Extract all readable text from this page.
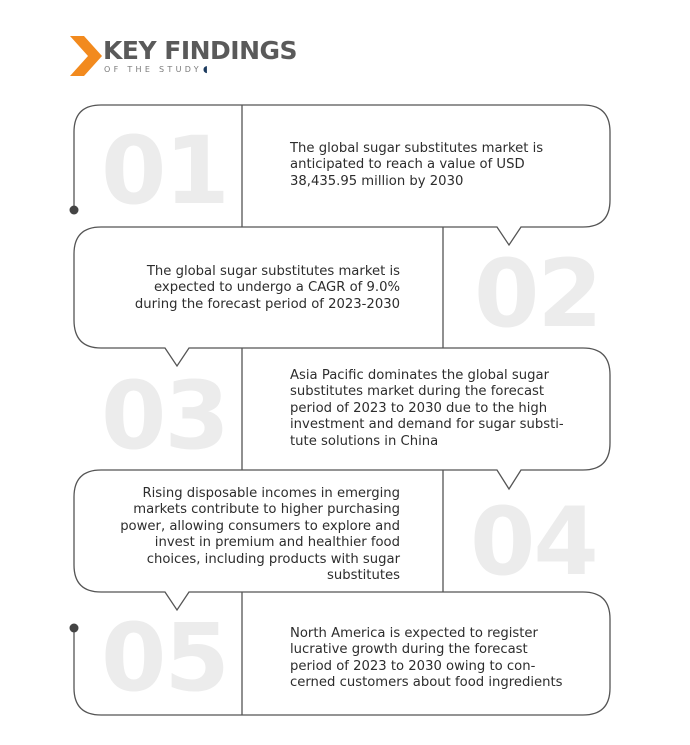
KEY FINDINGS
OF THE STUDY◖
01	The global sugar substitutes market is
anticipated to reach a value of USD
38,435.95 million by 2030
02
The global sugar substitutes market is
expected to undergo a CAGR of 9.0%
during the forecast period of 2023-2030
03	Asia Pacific dominates the global sugar
substitutes market during the forecast
period of 2023 to 2030 due to the high
investment and demand for sugar substi-
tute solutions in China
04
Rising disposable incomes in emerging
markets contribute to higher purchasing
power, allowing consumers to explore and
invest in premium and healthier food
choices, including products with sugar
substitutes
05	North America is expected to register
lucrative growth during the forecast
period of 2023 to 2030 owing to con-
cerned customers about food ingredients
